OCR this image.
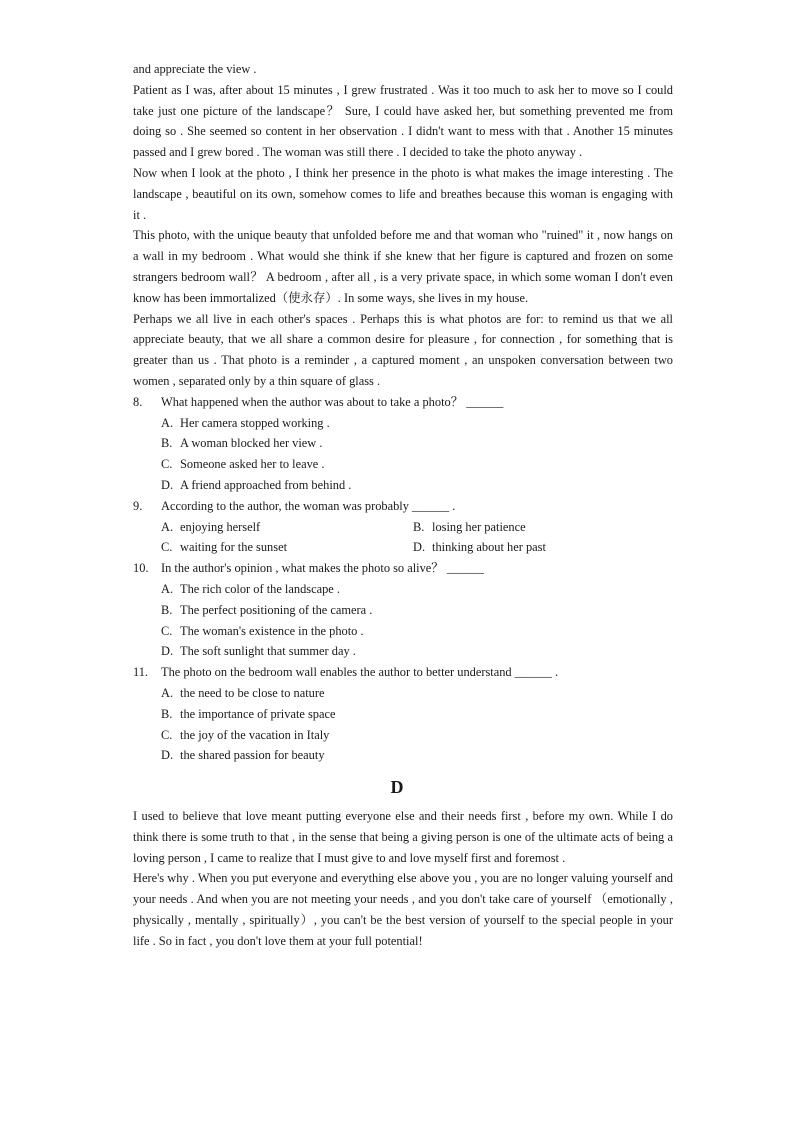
and appreciate the view .

Patient as I was, after about 15 minutes , I grew frustrated . Was it too much to ask her to move so I could take just one picture of the landscape？ Sure, I could have asked her, but something prevented me from doing so . She seemed so content in her observation . I didn't want to mess with that . Another 15 minutes passed and I grew bored . The woman was still there . I decided to take the photo anyway .

Now when I look at the photo , I think her presence in the photo is what makes the image interesting . The landscape , beautiful on its own, somehow comes to life and breathes because this woman is engaging with it .

This photo, with the unique beauty that unfolded before me and that woman who "ruined" it , now hangs on a wall in my bedroom . What would she think if she knew that her figure is captured and frozen on some strangers bedroom wall？ A bedroom , after all , is a very private space, in which some woman I don't even know has been immortalized（使永存）. In some ways, she lives in my house.

Perhaps we all live in each other's spaces . Perhaps this is what photos are for: to remind us that we all appreciate beauty, that we all share a common desire for pleasure , for connection , for something that is greater than us . That photo is a reminder , a captured moment , an unspoken conversation between two women , separated only by a thin square of glass .

8.	What happened when the author was about to take a photo？ ______

A. Her camera stopped working .

B. A woman blocked her view .

C. Someone asked her to leave .

D. A friend approached from behind .

9.	According to the author, the woman was probably ______ .

A. enjoying herself	B. losing her patience

C. waiting for the sunset	D. thinking about her past

10.	In the author's opinion , what makes the photo so alive？ ______

A. The rich color of the landscape .

B. The perfect positioning of the camera .

C. The woman's existence in the photo .

D. The soft sunlight that summer day .

11.	The photo on the bedroom wall enables the author to better understand ______ .

A. the need to be close to nature

B. the importance of private space

C. the joy of the vacation in Italy

D. the shared passion for beauty

D

I used to believe that love meant putting everyone else and their needs first , before my own. While I do think there is some truth to that , in the sense that being a giving person is one of the ultimate acts of being a loving person , I came to realize that I must give to and love myself first and foremost .

Here's why . When you put everyone and everything else above you , you are no longer valuing yourself and your needs . And when you are not meeting your needs , and you don't take care of yourself （emotionally , physically , mentally , spiritually）, you can't be the best version of yourself to the special people in your life . So in fact , you don't love them at your full potential!
